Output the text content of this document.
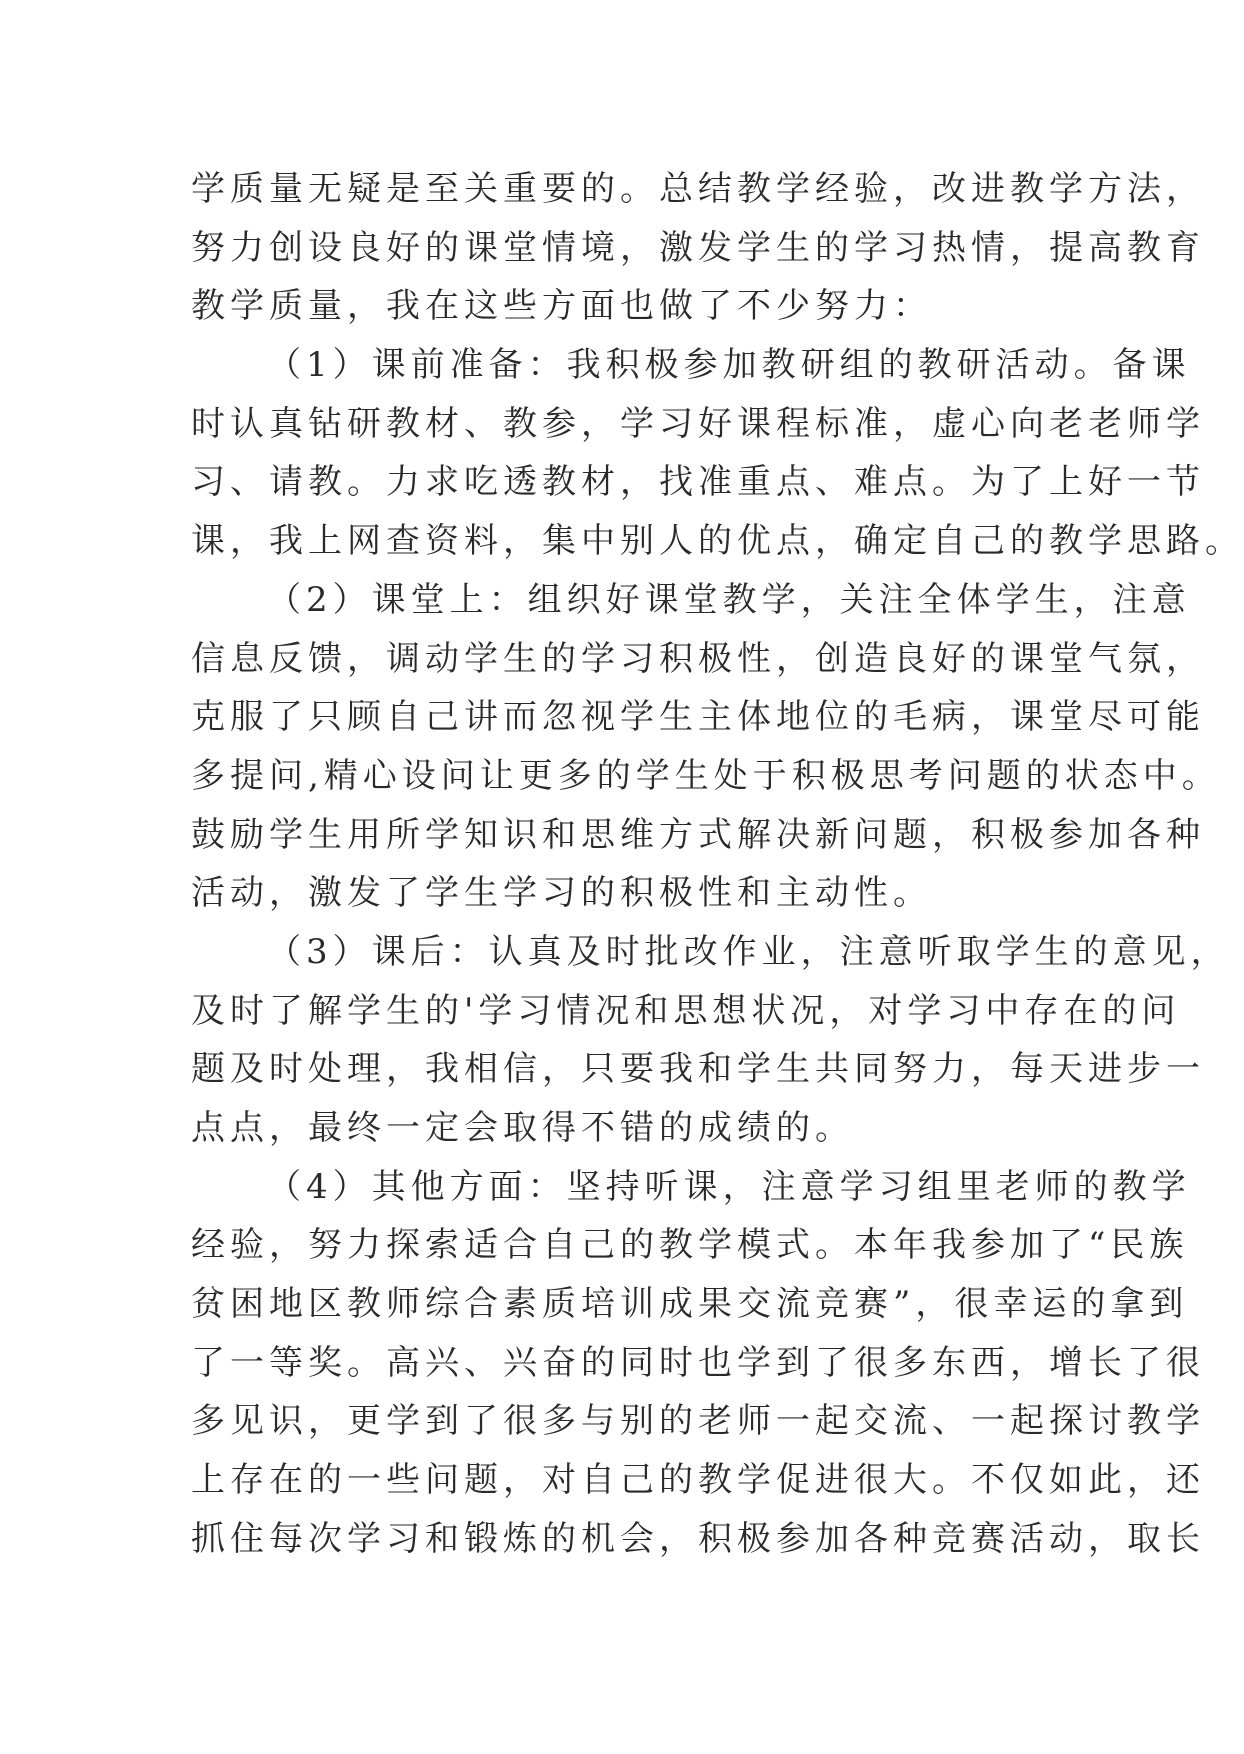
学质量无疑是至关重要的。总结教学经验，改进教学方法，
努力创设良好的课堂情境，激发学生的学习热情，提高教育
教学质量，我在这些方面也做了不少努力：
（1）课前准备：我积极参加教研组的教研活动。备课
时认真钻研教材、教参，学习好课程标准，虚心向老老师学
习、请教。力求吃透教材，找准重点、难点。为了上好一节
课，我上网查资料，集中别人的优点，确定自己的教学思路。
（2）课堂上：组织好课堂教学，关注全体学生，注意
信息反馈，调动学生的学习积极性，创造良好的课堂气氛，
克服了只顾自己讲而忽视学生主体地位的毛病，课堂尽可能
多提问,精心设问让更多的学生处于积极思考问题的状态中。
鼓励学生用所学知识和思维方式解决新问题，积极参加各种
活动，激发了学生学习的积极性和主动性。
（3）课后：认真及时批改作业，注意听取学生的意见，
及时了解学生的'学习情况和思想状况，对学习中存在的问
题及时处理，我相信，只要我和学生共同努力，每天进步一
点点，最终一定会取得不错的成绩的。
（4）其他方面：坚持听课，注意学习组里老师的教学
经验，努力探索适合自己的教学模式。本年我参加了“民族
贫困地区教师综合素质培训成果交流竞赛”，很幸运的拿到
了一等奖。高兴、兴奋的同时也学到了很多东西，增长了很
多见识，更学到了很多与别的老师一起交流、一起探讨教学
上存在的一些问题，对自己的教学促进很大。不仅如此，还
抓住每次学习和锻炼的机会，积极参加各种竞赛活动，取长
